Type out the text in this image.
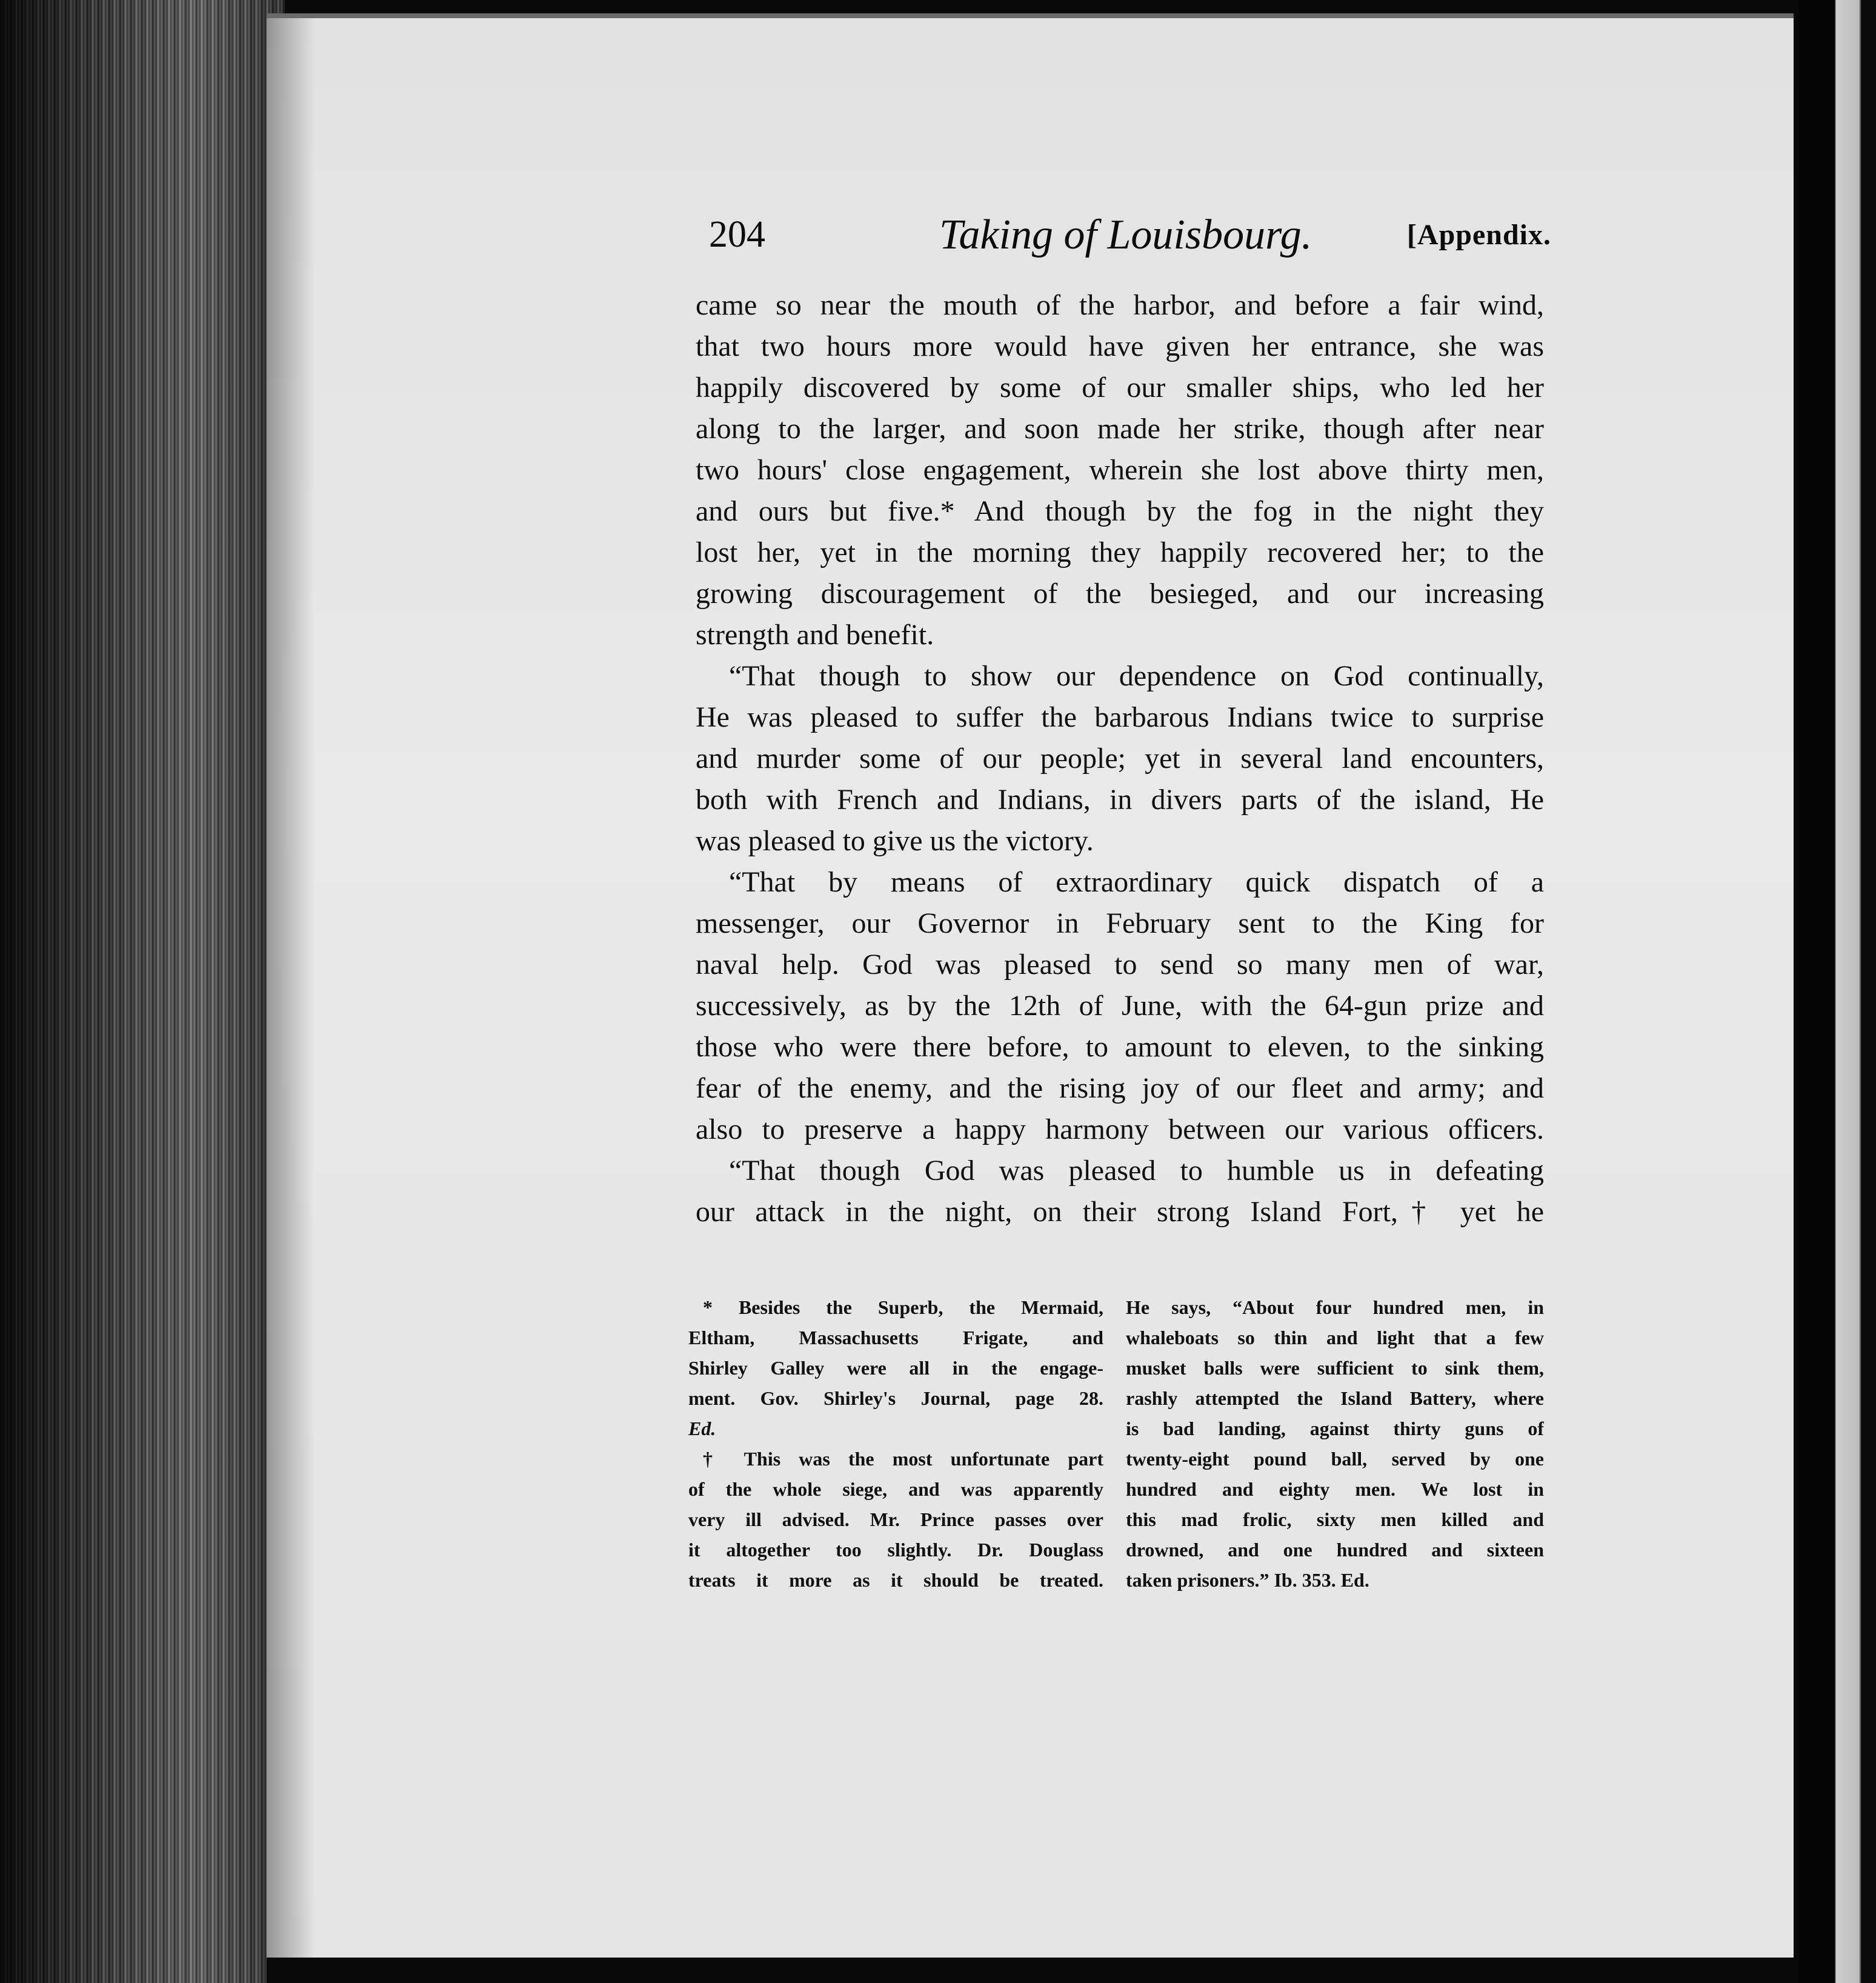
204	Taking of Louisbourg.	[Appendix.
came so near the mouth of the harbor, and before a fair wind,
that two hours more would have given her entrance, she was
happily discovered by some of our smaller ships, who led her
along to the larger, and soon made her strike, though after near
two hours' close engagement, wherein she lost above thirty men,
and ours but five.* And though by the fog in the night they
lost her, yet in the morning they happily recovered her; to the
growing discouragement of the besieged, and our increasing
strength and benefit.
“That though to show our dependence on God continually,
He was pleased to suffer the barbarous Indians twice to surprise
and murder some of our people; yet in several land encounters,
both with French and Indians, in divers parts of the island, He
was pleased to give us the victory.
“That by means of extraordinary quick dispatch of a
messenger, our Governor in February sent to the King for
naval help. God was pleased to send so many men of war,
successively, as by the 12th of June, with the 64-gun prize and
those who were there before, to amount to eleven, to the sinking
fear of the enemy, and the rising joy of our fleet and army; and
also to preserve a happy harmony between our various officers.
“That though God was pleased to humble us in defeating
our attack in the night, on their strong Island Fort,† yet he
* Besides the Superb, the Mermaid,
Eltham, Massachusetts Frigate, and
Shirley Galley were all in the engage-
ment. Gov. Shirley's Journal, page 28.
Ed.
† This was the most unfortunate part
of the whole siege, and was apparently
very ill advised. Mr. Prince passes over
it altogether too slightly. Dr. Douglass
treats it more as it should be treated.
He says, “About four hundred men, in
whaleboats so thin and light that a few
musket balls were sufficient to sink them,
rashly attempted the Island Battery, where
is bad landing, against thirty guns of
twenty-eight pound ball, served by one
hundred and eighty men. We lost in
this mad frolic, sixty men killed and
drowned, and one hundred and sixteen
taken prisoners.” Ib. 353. Ed.
